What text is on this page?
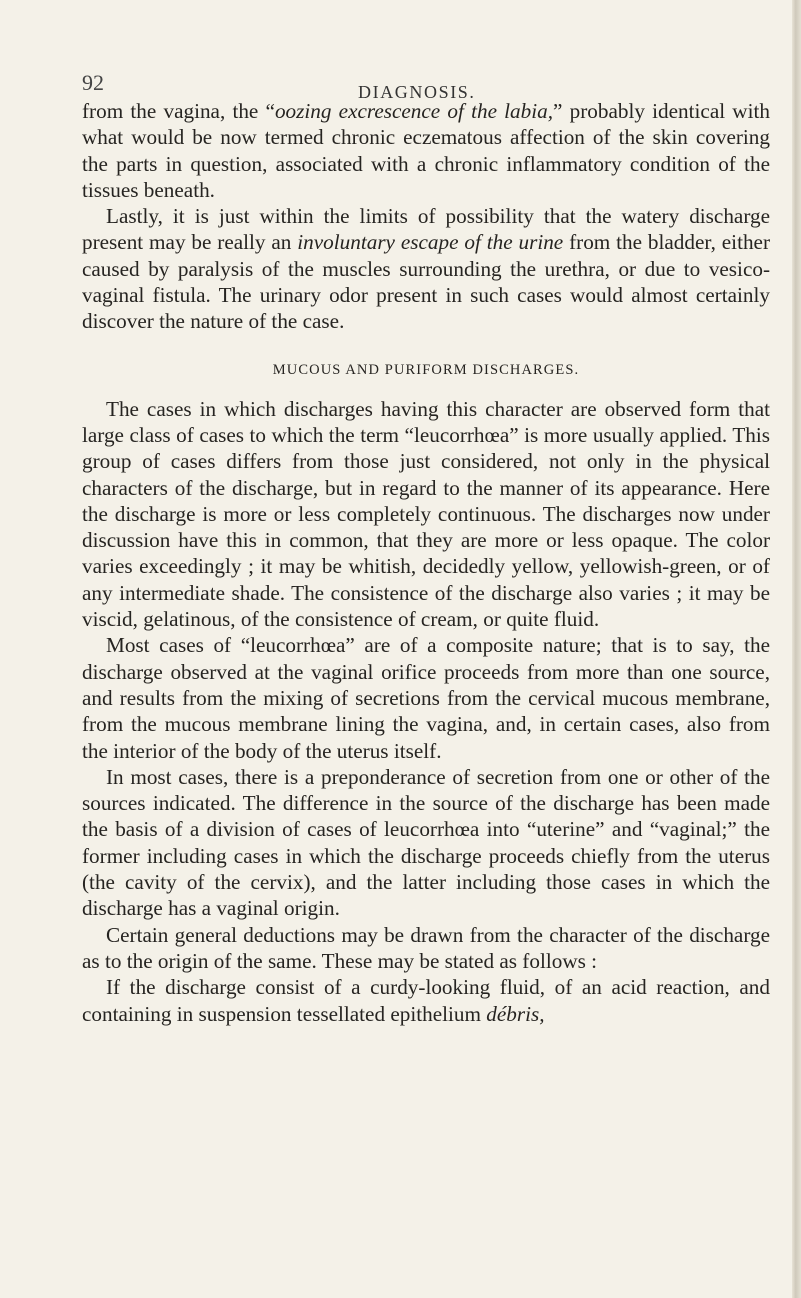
92	DIAGNOSIS.

from the vagina, the “oozing excrescence of the labia,” probably identical with what would be now termed chronic eczematous affection of the skin covering the parts in question, associated with a chronic inflammatory condition of the tissues beneath.

Lastly, it is just within the limits of possibility that the watery discharge present may be really an involuntary escape of the urine from the bladder, either caused by paralysis of the muscles surrounding the urethra, or due to vesico-vaginal fistula. The urinary odor present in such cases would almost certainly discover the nature of the case.

MUCOUS AND PURIFORM DISCHARGES.

The cases in which discharges having this character are observed form that large class of cases to which the term “leucorrhœa” is more usually applied. This group of cases differs from those just considered, not only in the physical characters of the discharge, but in regard to the manner of its appearance. Here the discharge is more or less completely continuous. The discharges now under discussion have this in common, that they are more or less opaque. The color varies exceedingly ; it may be whitish, decidedly yellow, yellowish-green, or of any intermediate shade. The consistence of the discharge also varies ; it may be viscid, gelatinous, of the consistence of cream, or quite fluid.

Most cases of “leucorrhœa” are of a composite nature; that is to say, the discharge observed at the vaginal orifice proceeds from more than one source, and results from the mixing of secretions from the cervical mucous membrane, from the mucous membrane lining the vagina, and, in certain cases, also from the interior of the body of the uterus itself.

In most cases, there is a preponderance of secretion from one or other of the sources indicated. The difference in the source of the discharge has been made the basis of a division of cases of leucorrhœa into “uterine” and “vaginal;” the former including cases in which the discharge proceeds chiefly from the uterus (the cavity of the cervix), and the latter including those cases in which the discharge has a vaginal origin.

Certain general deductions may be drawn from the character of the discharge as to the origin of the same. These may be stated as follows :

If the discharge consist of a curdy-looking fluid, of an acid reaction, and containing in suspension tessellated epithelium débris,
